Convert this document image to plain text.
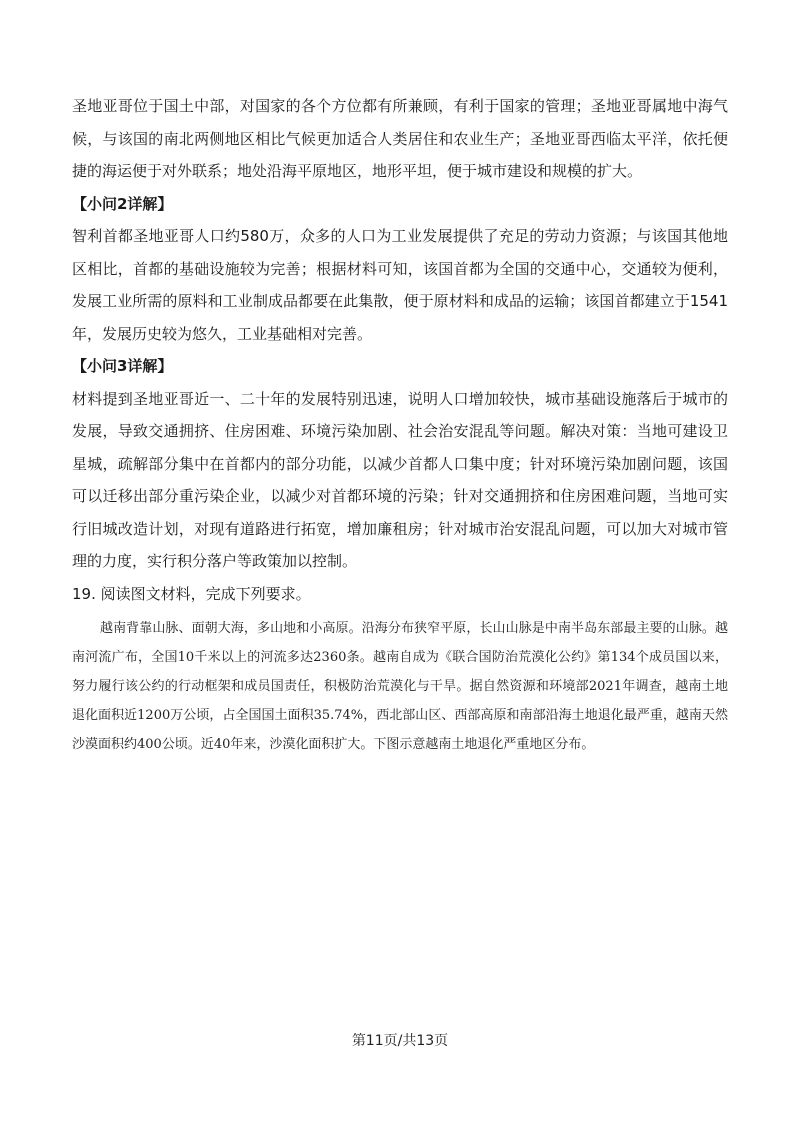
圣地亚哥位于国土中部，对国家的各个方位都有所兼顾，有利于国家的管理；圣地亚哥属地中海气候，与该国的南北两侧地区相比气候更加适合人类居住和农业生产；圣地亚哥西临太平洋，依托便捷的海运便于对外联系；地处沿海平原地区，地形平坦，便于城市建设和规模的扩大。

【小问2详解】

智利首都圣地亚哥人口约580万，众多的人口为工业发展提供了充足的劳动力资源；与该国其他地区相比，首都的基础设施较为完善；根据材料可知，该国首都为全国的交通中心，交通较为便利，发展工业所需的原料和工业制成品都要在此集散，便于原材料和成品的运输；该国首都建立于1541年，发展历史较为悠久，工业基础相对完善。

【小问3详解】

材料提到圣地亚哥近一、二十年的发展特别迅速，说明人口增加较快，城市基础设施落后于城市的发展，导致交通拥挤、住房困难、环境污染加剧、社会治安混乱等问题。解决对策：当地可建设卫星城，疏解部分集中在首都内的部分功能，以减少首都人口集中度；针对环境污染加剧问题，该国可以迁移出部分重污染企业，以减少对首都环境的污染；针对交通拥挤和住房困难问题，当地可实行旧城改造计划，对现有道路进行拓宽，增加廉租房；针对城市治安混乱问题，可以加大对城市管理的力度，实行积分落户等政策加以控制。

19. 阅读图文材料，完成下列要求。

越南背靠山脉、面朝大海，多山地和小高原。沿海分布狭窄平原，长山山脉是中南半岛东部最主要的山脉。越南河流广布，全国10千米以上的河流多达2360条。越南自成为《联合国防治荒漠化公约》第134个成员国以来，努力履行该公约的行动框架和成员国责任，积极防治荒漠化与干旱。据自然资源和环境部2021年调查，越南土地退化面积近1200万公顷，占全国国土面积35.74%，西北部山区、西部高原和南部沿海土地退化最严重，越南天然沙漠面积约400公顷。近40年来，沙漠化面积扩大。下图示意越南土地退化严重地区分布。

第11页/共13页
